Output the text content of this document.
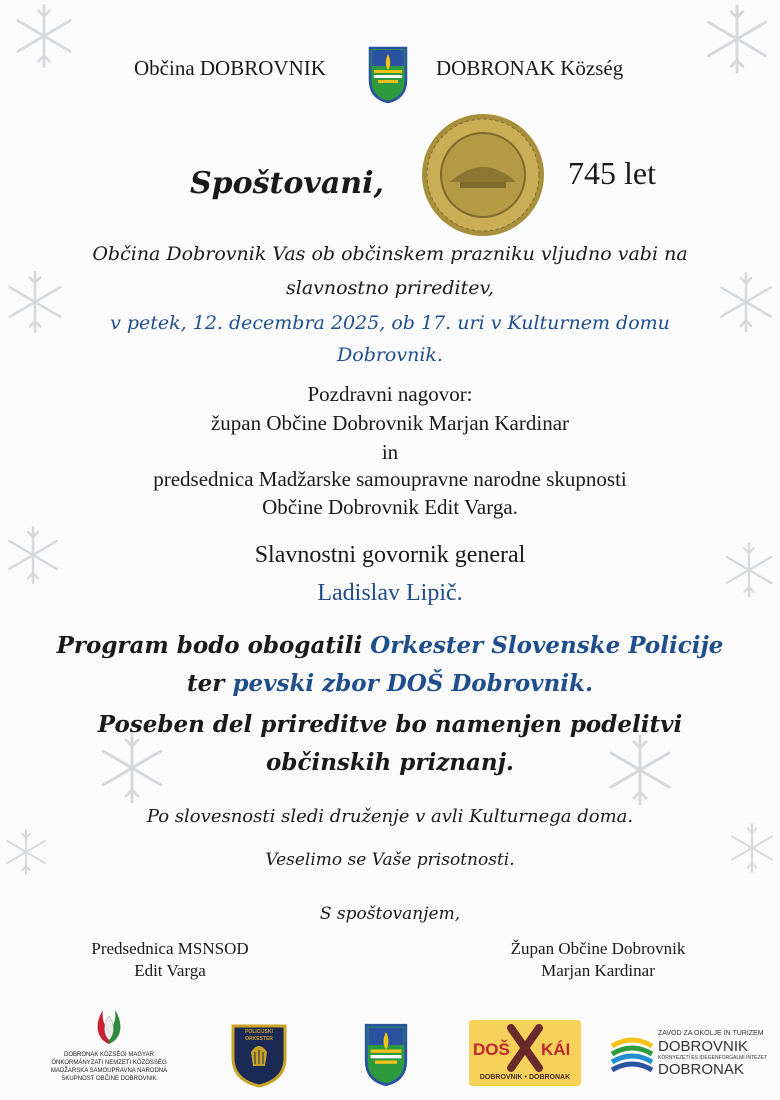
Občina DOBROVNIK	DOBRONAK Község
Spoštovani,	745 let
Občina Dobrovnik Vas ob občinskem prazniku vljudno vabi na
slavnostno prireditev,
v petek, 12. decembra 2025, ob 17. uri v Kulturnem domu
Dobrovnik.
Pozdravni nagovor:
župan Občine Dobrovnik Marjan Kardinar
in
predsednica Madžarske samoupravne narodne skupnosti
Občine Dobrovnik Edit Varga.
Slavnostni govornik general
Ladislav Lipič.
Program bodo obogatili Orkester Slovenske Policije
ter pevski zbor DOŠ Dobrovnik.
Poseben del prireditve bo namenjen podelitvi
občinskih priznanj.
Po slovesnosti sledi druženje v avli Kulturnega doma.
Veselimo se Vaše prisotnosti.
S spoštovanjem,
Predsednica MSNSOD
Edit Varga
Župan Občine Dobrovnik
Marjan Kardinar
DOBRONAK KÖZSÉGI MAGYAR
ÖNKORMÁNYZATI NEMZETI KÖZÖSSÉG
MADŽARSKA SAMOUPRAVNA NARODNA
SKUPNOST OBČINE DOBROVNIK
POLICIJSKI
ORKESTER
DOŠ KÁI
DOBROVNIK • DOBRONAK
ZAVOD ZA OKOLJE IN TURIZEM
DOBROVNIK
KÖRNYEZETI ÉS IDEGENFORGALMI INTÉZET
DOBRONAK
